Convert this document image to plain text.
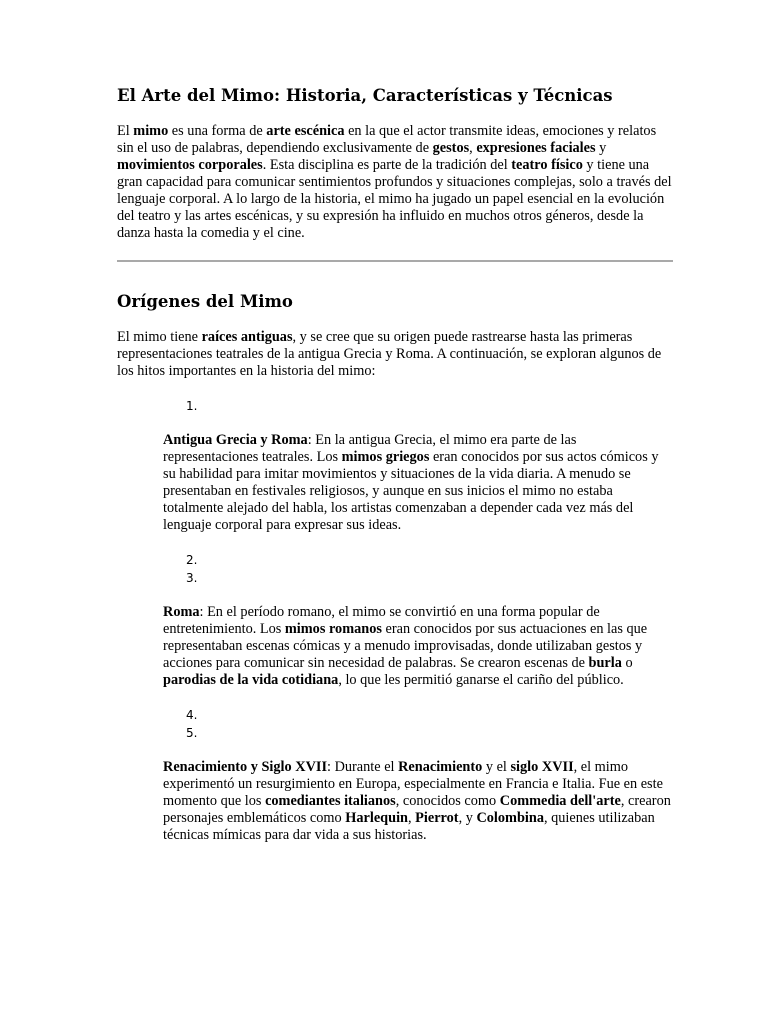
El Arte del Mimo: Historia, Características y Técnicas

El mimo es una forma de arte escénica en la que el actor transmite ideas, emociones y relatos sin el uso de palabras, dependiendo exclusivamente de gestos, expresiones faciales y movimientos corporales. Esta disciplina es parte de la tradición del teatro físico y tiene una gran capacidad para comunicar sentimientos profundos y situaciones complejas, solo a través del lenguaje corporal. A lo largo de la historia, el mimo ha jugado un papel esencial en la evolución del teatro y las artes escénicas, y su expresión ha influido en muchos otros géneros, desde la danza hasta la comedia y el cine.

Orígenes del Mimo

El mimo tiene raíces antiguas, y se cree que su origen puede rastrearse hasta las primeras representaciones teatrales de la antigua Grecia y Roma. A continuación, se exploran algunos de los hitos importantes en la historia del mimo:

1.

Antigua Grecia y Roma: En la antigua Grecia, el mimo era parte de las representaciones teatrales. Los mimos griegos eran conocidos por sus actos cómicos y su habilidad para imitar movimientos y situaciones de la vida diaria. A menudo se presentaban en festivales religiosos, y aunque en sus inicios el mimo no estaba totalmente alejado del habla, los artistas comenzaban a depender cada vez más del lenguaje corporal para expresar sus ideas.

2.
3.

Roma: En el período romano, el mimo se convirtió en una forma popular de entretenimiento. Los mimos romanos eran conocidos por sus actuaciones en las que representaban escenas cómicas y a menudo improvisadas, donde utilizaban gestos y acciones para comunicar sin necesidad de palabras. Se crearon escenas de burla o parodias de la vida cotidiana, lo que les permitió ganarse el cariño del público.

4.
5.

Renacimiento y Siglo XVII: Durante el Renacimiento y el siglo XVII, el mimo experimentó un resurgimiento en Europa, especialmente en Francia e Italia. Fue en este momento que los comediantes italianos, conocidos como Commedia dell'arte, crearon personajes emblemáticos como Harlequin, Pierrot, y Colombina, quienes utilizaban técnicas mímicas para dar vida a sus historias.
